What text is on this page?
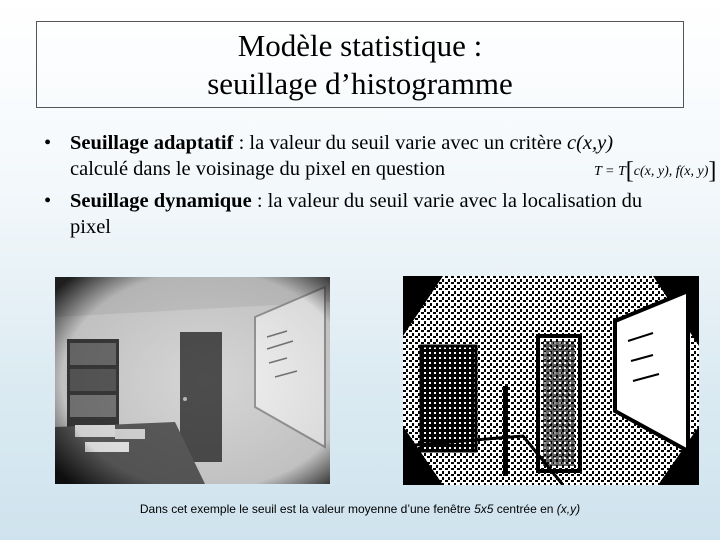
Modèle statistique :
seuillage d’histogramme
• Seuillage adaptatif : la valeur du seuil varie avec un critère c(x,y) calculé dans le voisinage du pixel en question
• Seuillage dynamique : la valeur du seuil varie avec la localisation du pixel
T = T[c(x, y), f(x, y)]
Dans cet exemple le seuil est la valeur moyenne d’une fenêtre 5x5 centrée en (x,y)
